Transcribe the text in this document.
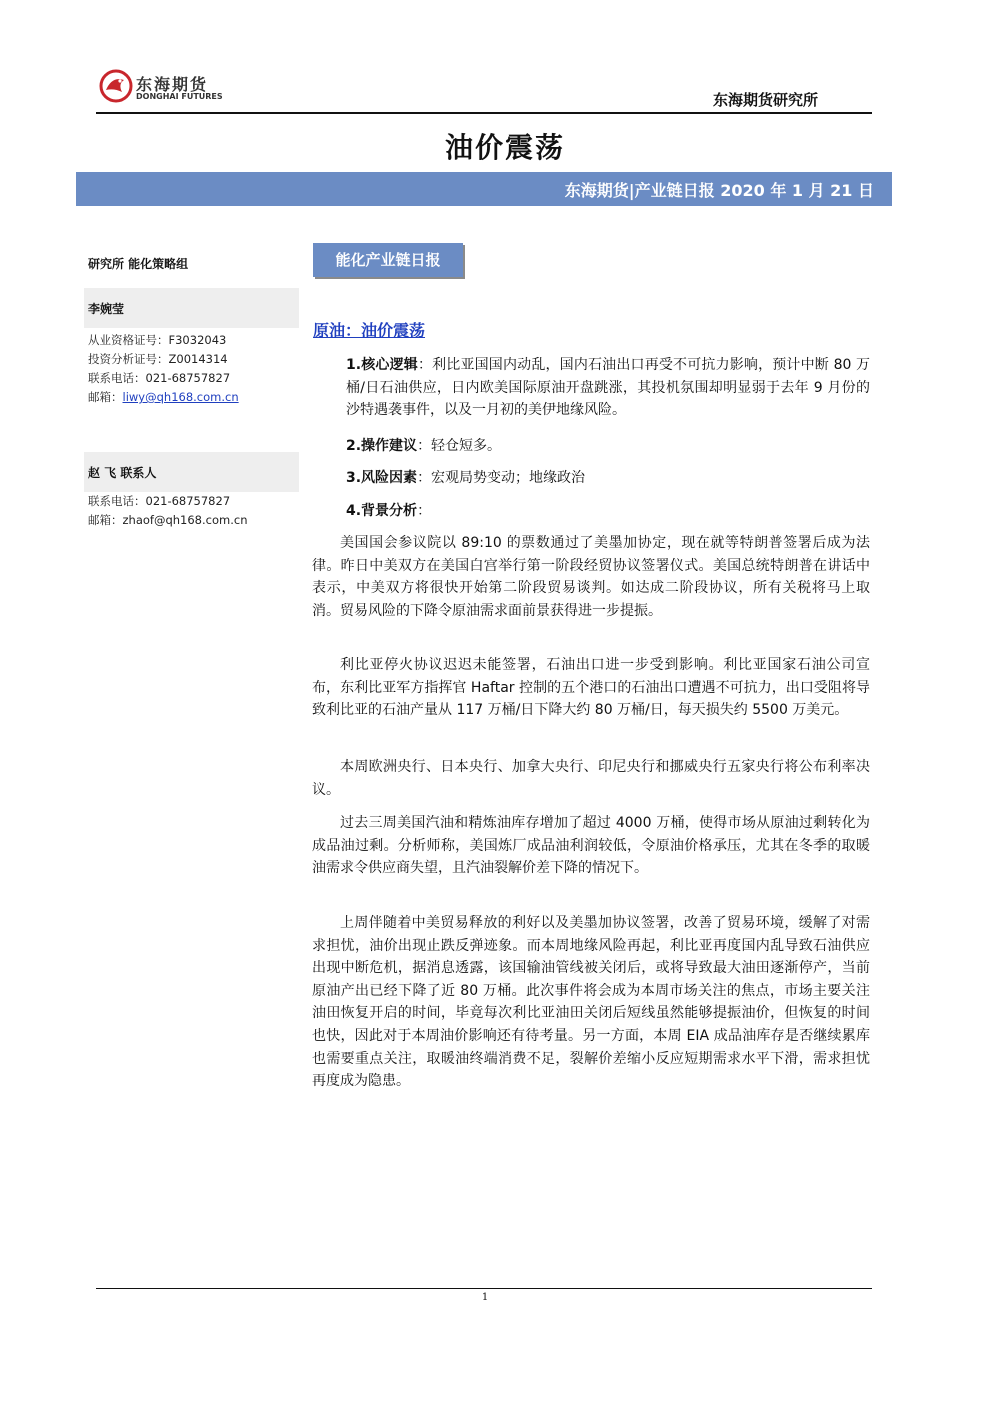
东海期货
DONGHAI FUTURES	东海期货研究所
油价震荡
东海期货|产业链日报 2020 年 1 月 21 日
研究所 能化策略组
李婉莹
从业资格证号：F3032043
投资分析证号：Z0014314
联系电话：021-68757827
邮箱：liwy@qh168.com.cn
赵 飞 联系人
联系电话：021-68757827
邮箱：zhaof@qh168.com.cn
能化产业链日报
原油：油价震荡
1.核心逻辑：利比亚国国内动乱，国内石油出口再受不可抗力影响，预计中断 80 万桶/日石油供应，日内欧美国际原油开盘跳涨，其投机氛围却明显弱于去年 9 月份的沙特遇袭事件，以及一月初的美伊地缘风险。
2.操作建议：轻仓短多。
3.风险因素：宏观局势变动；地缘政治
4.背景分析：
美国国会参议院以 89:10 的票数通过了美墨加协定，现在就等特朗普签署后成为法律。昨日中美双方在美国白宫举行第一阶段经贸协议签署仪式。美国总统特朗普在讲话中表示，中美双方将很快开始第二阶段贸易谈判。如达成二阶段协议，所有关税将马上取消。贸易风险的下降令原油需求面前景获得进一步提振。
利比亚停火协议迟迟未能签署，石油出口进一步受到影响。利比亚国家石油公司宣布，东利比亚军方指挥官 Haftar 控制的五个港口的石油出口遭遇不可抗力，出口受阻将导致利比亚的石油产量从 117 万桶/日下降大约 80 万桶/日，每天损失约 5500 万美元。
本周欧洲央行、日本央行、加拿大央行、印尼央行和挪威央行五家央行将公布利率决议。
过去三周美国汽油和精炼油库存增加了超过 4000 万桶，使得市场从原油过剩转化为成品油过剩。分析师称，美国炼厂成品油利润较低，令原油价格承压，尤其在冬季的取暖油需求令供应商失望，且汽油裂解价差下降的情况下。
上周伴随着中美贸易释放的利好以及美墨加协议签署，改善了贸易环境，缓解了对需求担忧，油价出现止跌反弹迹象。而本周地缘风险再起，利比亚再度国内乱导致石油供应出现中断危机，据消息透露，该国输油管线被关闭后，或将导致最大油田逐渐停产，当前原油产出已经下降了近 80 万桶。此次事件将会成为本周市场关注的焦点，市场主要关注油田恢复开启的时间，毕竟每次利比亚油田关闭后短线虽然能够提振油价，但恢复的时间也快，因此对于本周油价影响还有待考量。另一方面，本周 EIA 成品油库存是否继续累库也需要重点关注，取暖油终端消费不足，裂解价差缩小反应短期需求水平下滑，需求担忧再度成为隐患。
1
